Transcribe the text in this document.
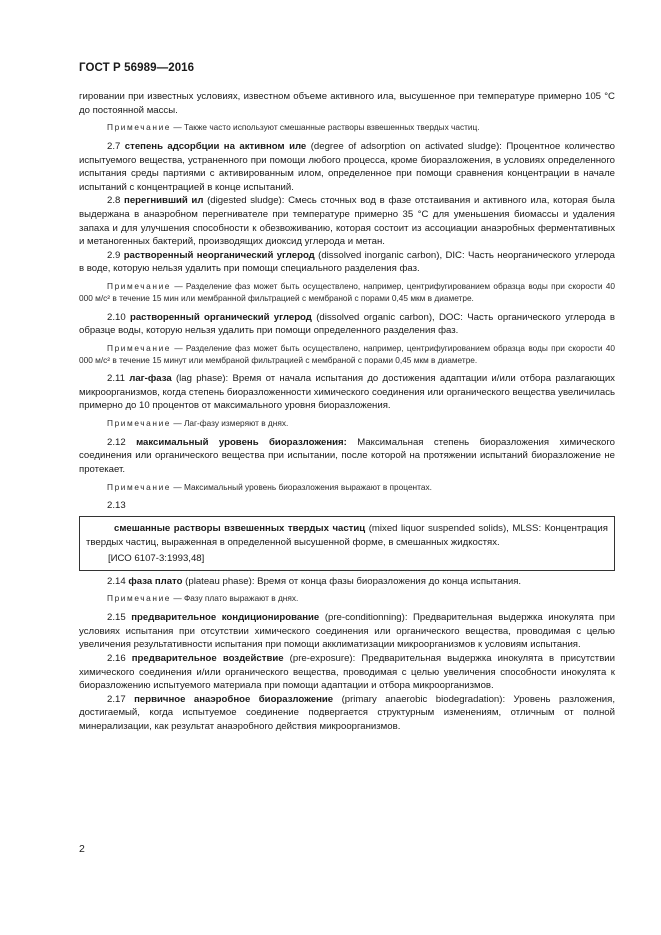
ГОСТ Р 56989—2016

гировании при известных условиях, известном объеме активного ила, высушенное при температуре примерно 105 °С до постоянной массы.

Примечание — Также часто используют смешанные растворы взвешенных твердых частиц.

2.7 степень адсорбции на активном иле (degree of adsorption on activated sludge): Процентное количество испытуемого вещества, устраненного при помощи любого процесса, кроме биоразложения, в условиях определенного испытания среды партиями с активированным илом, определенное при помощи сравнения концентрации в начале испытаний с концентрацией в конце испытаний.

2.8 перегнивший ил (digested sludge): Смесь сточных вод в фазе отстаивания и активного ила, которая была выдержана в анаэробном перегнивателе при температуре примерно 35 °С для уменьшения биомассы и удаления запаха и для улучшения способности к обезвоживанию, которая состоит из ассоциации анаэробных ферментативных и метаногенных бактерий, производящих диоксид углерода и метан.

2.9 растворенный неорганический углерод (dissolved inorganic carbon), DIC: Часть неорганического углерода в воде, которую нельзя удалить при помощи специального разделения фаз.

Примечание — Разделение фаз может быть осуществлено, например, центрифугированием образца воды при скорости 40 000 м/с² в течение 15 мин или мембранной фильтрацией с мембраной с порами 0,45 мкм в диаметре.

2.10 растворенный органический углерод (dissolved organic carbon), DOC: Часть органического углерода в образце воды, которую нельзя удалить при помощи определенного разделения фаз.

Примечание — Разделение фаз может быть осуществлено, например, центрифугированием образца воды при скорости 40 000 м/с² в течение 15 минут или мембраной фильтрацией с мембраной с порами 0,45 мкм в диаметре.

2.11 лаг-фаза (lag phase): Время от начала испытания до достижения адаптации и/или отбора разлагающих микроорганизмов, когда степень биоразложенности химического соединения или органического вещества увеличилась примерно до 10 процентов от максимального уровня биоразложения.

Примечание — Лаг-фазу измеряют в днях.

2.12 максимальный уровень биоразложения: Максимальная степень биоразложения химического соединения или органического вещества при испытании, после которой на протяжении испытаний биоразложение не протекает.

Примечание — Максимальный уровень биоразложения выражают в процентах.

2.13

смешанные растворы взвешенных твердых частиц (mixed liquor suspended solids), MLSS: Концентрация твердых частиц, выраженная в определенной высушенной форме, в смешанных жидкостях.

[ИСО 6107-3:1993,48]

2.14 фаза плато (plateau phase): Время от конца фазы биоразложения до конца испытания.

Примечание — Фазу плато выражают в днях.

2.15 предварительное кондиционирование (pre-conditionning): Предварительная выдержка инокулята при условиях испытания при отсутствии химического соединения или органического вещества, проводимая с целью увеличения результативности испытания при помощи акклиматизации микроорганизмов к условиям испытания.

2.16 предварительное воздействие (pre-exposure): Предварительная выдержка инокулята в присутствии химического соединения и/или органического вещества, проводимая с целью увеличения способности инокулята к биоразложению испытуемого материала при помощи адаптации и отбора микроорганизмов.

2.17 первичное анаэробное биоразложение (primary anaerobic biodegradation): Уровень разложения, достигаемый, когда испытуемое соединение подвергается структурным изменениям, отличным от полной минерализации, как результат анаэробного действия микроорганизмов.

2
